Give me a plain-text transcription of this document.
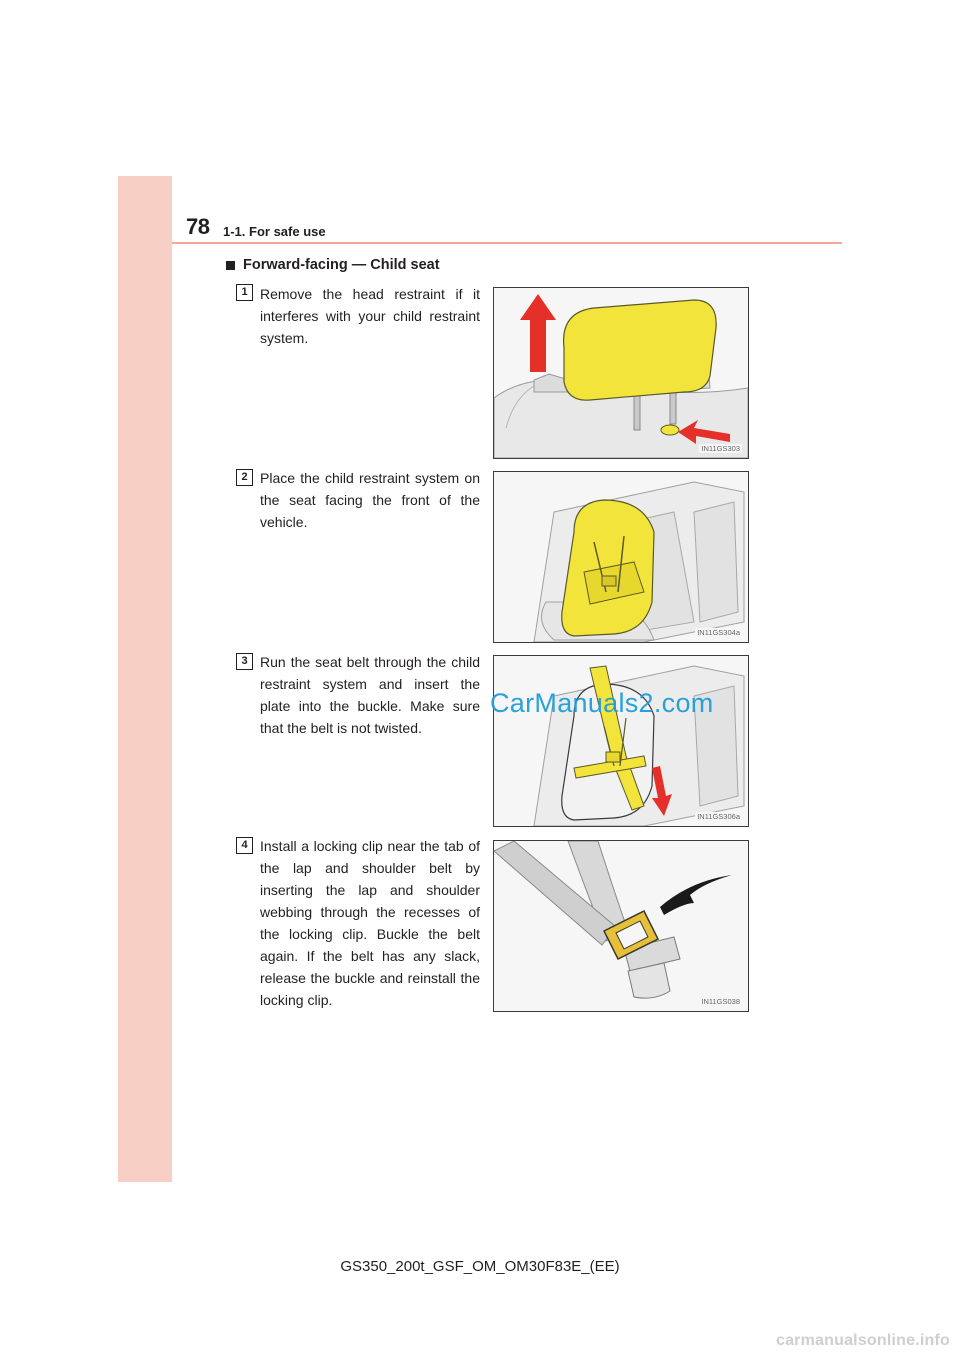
78 1-1. For safe use
Forward-facing — Child seat
1 Remove the head restraint if it interferes with your child restraint system.
IN11GS303
2 Place the child restraint system on the seat facing the front of the vehicle.
IN11GS304a
3 Run the seat belt through the child restraint system and insert the plate into the buckle. Make sure that the belt is not twisted.
IN11GS306a
4 Install a locking clip near the tab of the lap and shoulder belt by inserting the lap and shoulder webbing through the recesses of the locking clip. Buckle the belt again. If the belt has any slack, release the buckle and reinstall the locking clip.	IN11GS038
CarManuals2.com
GS350_200t_GSF_OM_OM30F83E_(EE)
carmanualsonline.info
